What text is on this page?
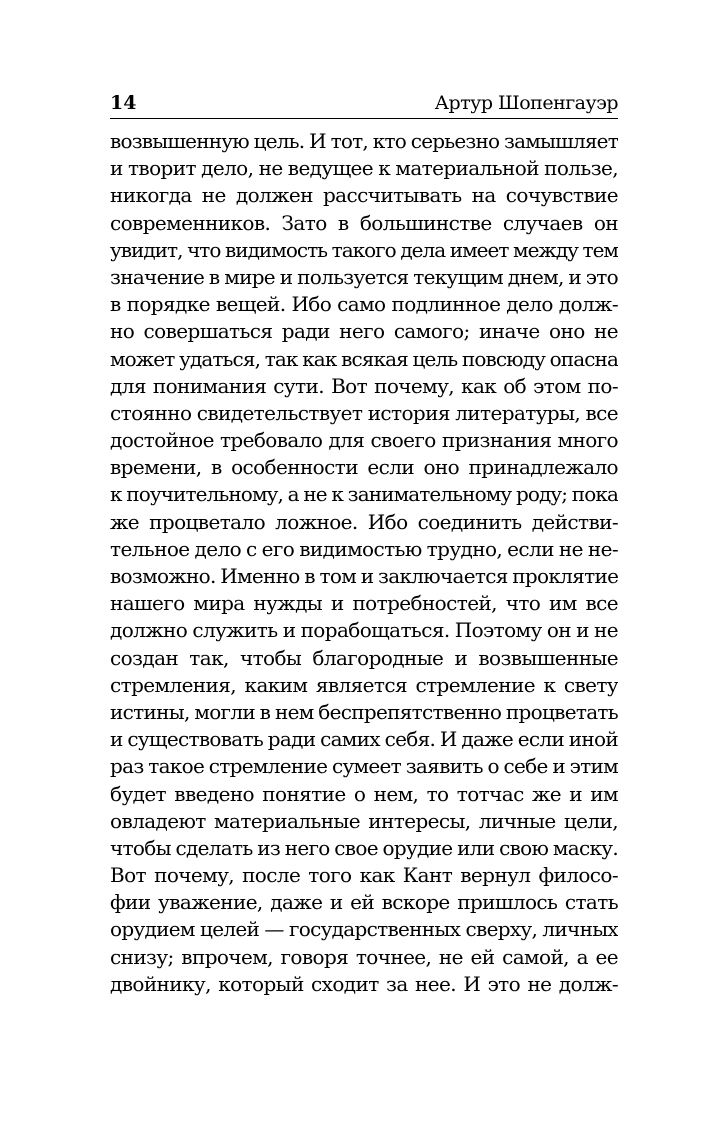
14	Артур Шопенгауэр
возвышенную цель. И тот, кто серьезно замышляет
и творит дело, не ведущее к материальной пользе,
никогда не должен рассчитывать на сочувствие
современников. Зато в большинстве случаев он
увидит, что видимость такого дела имеет между тем
значение в мире и пользуется текущим днем, и это
в порядке вещей. Ибо само подлинное дело долж-
но совершаться ради него самого; иначе оно не
может удаться, так как всякая цель повсюду опасна
для понимания сути. Вот почему, как об этом по-
стоянно свидетельствует история литературы, все
достойное требовало для своего признания много
времени, в особенности если оно принадлежало
к поучительному, а не к занимательному роду; пока
же процветало ложное. Ибо соединить действи-
тельное дело с его видимостью трудно, если не не-
возможно. Именно в том и заключается проклятие
нашего мира нужды и потребностей, что им все
должно служить и порабощаться. Поэтому он и не
создан так, чтобы благородные и возвышенные
стремления, каким является стремление к свету
истины, могли в нем беспрепятственно процветать
и существовать ради самих себя. И даже если иной
раз такое стремление сумеет заявить о себе и этим
будет введено понятие о нем, то тотчас же и им
овладеют материальные интересы, личные цели,
чтобы сделать из него свое орудие или свою маску.
Вот почему, после того как Кант вернул филосо-
фии уважение, даже и ей вскоре пришлось стать
орудием целей — государственных сверху, личных
снизу; впрочем, говоря точнее, не ей самой, а ее
двойнику, который сходит за нее. И это не долж-
